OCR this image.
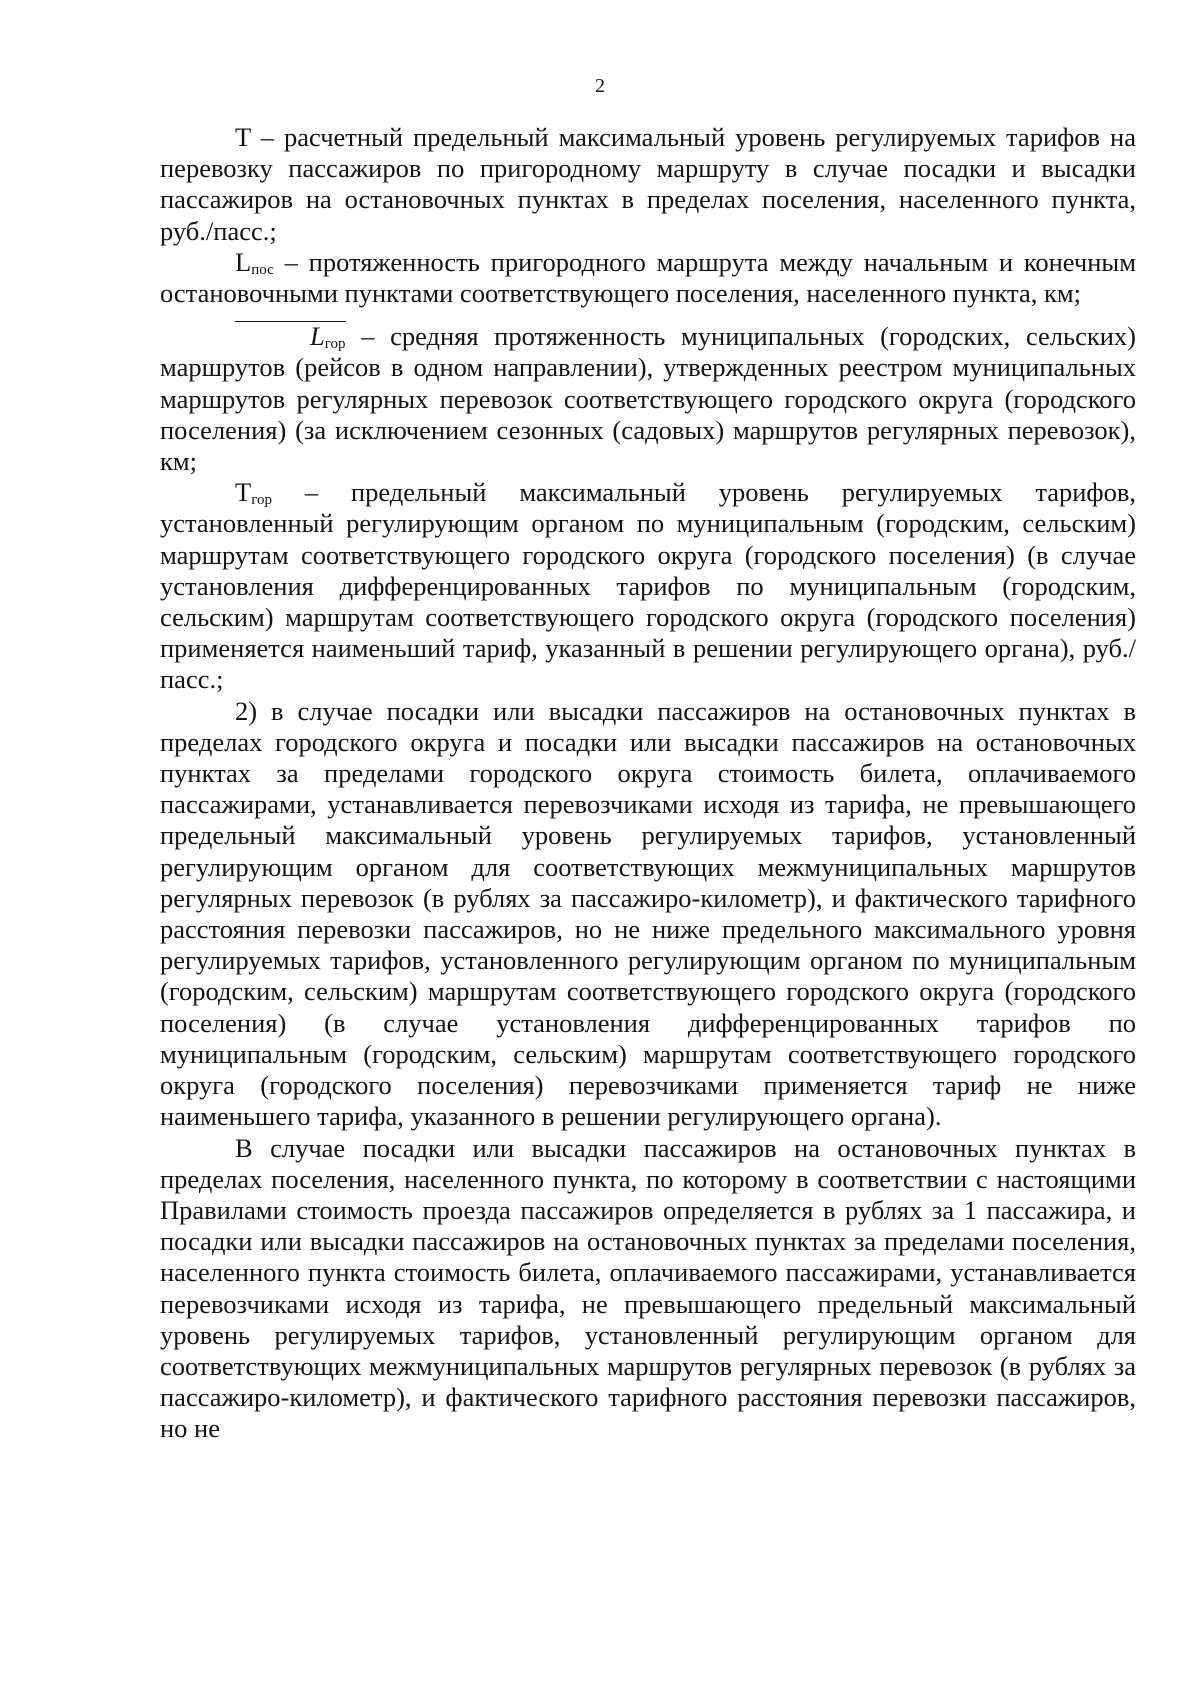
2

T – расчетный предельный максимальный уровень регулируемых тарифов на перевозку пассажиров по пригородному маршруту в случае посадки и высадки пассажиров на остановочных пунктах в пределах поселения, населенного пункта, руб./пасс.;

$L_{пос}$ – протяженность пригородного маршрута между начальным и конечным остановочными пунктами соответствующего поселения, населенного пункта, км;

$L_{гор}$ – средняя протяженность муниципальных (городских, сельских) маршрутов (рейсов в одном направлении), утвержденных реестром муниципальных маршрутов регулярных перевозок соответствующего городского округа (городского поселения) (за исключением сезонных (садовых) маршрутов регулярных перевозок), км;

$T_{гор}$ – предельный максимальный уровень регулируемых тарифов, установленный регулирующим органом по муниципальным (городским, сельским) маршрутам соответствующего городского округа (городского поселения) (в случае установления дифференцированных тарифов по муниципальным (городским, сельским) маршрутам соответствующего городского округа (городского поселения) применяется наименьший тариф, указанный в решении регулирующего органа), руб./пасс.;

2) в случае посадки или высадки пассажиров на остановочных пунктах в пределах городского округа и посадки или высадки пассажиров на остановочных пунктах за пределами городского округа стоимость билета, оплачиваемого пассажирами, устанавливается перевозчиками исходя из тарифа, не превышающего предельный максимальный уровень регулируемых тарифов, установленный регулирующим органом для соответствующих межмуниципальных маршрутов регулярных перевозок (в рублях за пассажиро-километр), и фактического тарифного расстояния перевозки пассажиров, но не ниже предельного максимального уровня регулируемых тарифов, установленного регулирующим органом по муниципальным (городским, сельским) маршрутам соответствующего городского округа (городского поселения) (в случае установления дифференцированных тарифов по муниципальным (городским, сельским) маршрутам соответствующего городского округа (городского поселения) перевозчиками применяется тариф не ниже наименьшего тарифа, указанного в решении регулирующего органа).

В случае посадки или высадки пассажиров на остановочных пунктах в пределах поселения, населенного пункта, по которому в соответствии с настоящими Правилами стоимость проезда пассажиров определяется в рублях за 1 пассажира, и посадки или высадки пассажиров на остановочных пунктах за пределами поселения, населенного пункта стоимость билета, оплачиваемого пассажирами, устанавливается перевозчиками исходя из тарифа, не превышающего предельный максимальный уровень регулируемых тарифов, установленный регулирующим органом для соответствующих межмуниципальных маршрутов регулярных перевозок (в рублях за пассажиро-километр), и фактического тарифного расстояния перевозки пассажиров, но не
